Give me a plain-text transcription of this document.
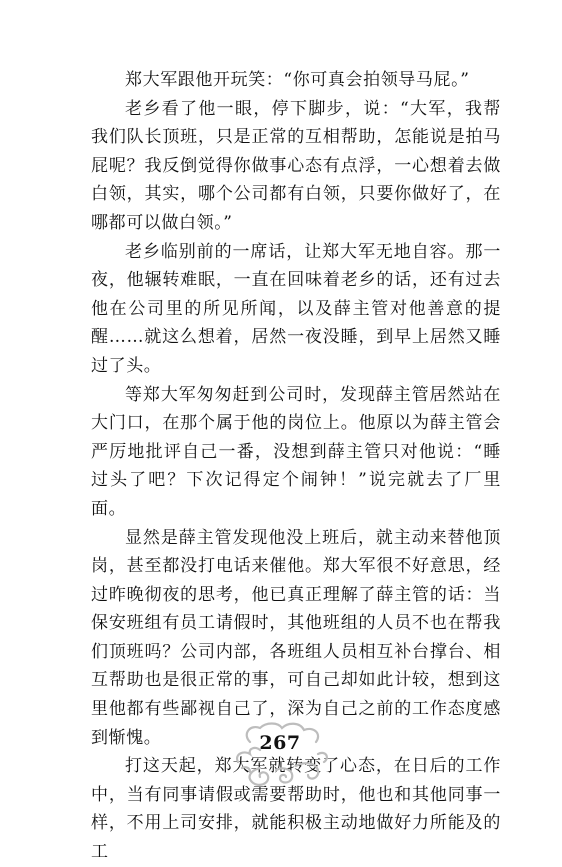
郑大军跟他开玩笑：“你可真会拍领导马屁。”

老乡看了他一眼，停下脚步，说：“大军，我帮我们队长顶班，只是正常的互相帮助，怎能说是拍马屁呢？我反倒觉得你做事心态有点浮，一心想着去做白领，其实，哪个公司都有白领，只要你做好了，在哪都可以做白领。”

老乡临别前的一席话，让郑大军无地自容。那一夜，他辗转难眠，一直在回味着老乡的话，还有过去他在公司里的所见所闻，以及薛主管对他善意的提醒……就这么想着，居然一夜没睡，到早上居然又睡过了头。

等郑大军匆匆赶到公司时，发现薛主管居然站在大门口，在那个属于他的岗位上。他原以为薛主管会严厉地批评自己一番，没想到薛主管只对他说：“睡过头了吧？下次记得定个闹钟！”说完就去了厂里面。

显然是薛主管发现他没上班后，就主动来替他顶岗，甚至都没打电话来催他。郑大军很不好意思，经过昨晚彻夜的思考，他已真正理解了薛主管的话：当保安班组有员工请假时，其他班组的人员不也在帮我们顶班吗？公司内部，各班组人员相互补台撑台、相互帮助也是很正常的事，可自己却如此计较，想到这里他都有些鄙视自己了，深为自己之前的工作态度感到惭愧。

打这天起，郑大军就转变了心态，在日后的工作中，当有同事请假或需要帮助时，他也和其他同事一样，不用上司安排，就能积极主动地做好力所能及的工

267
